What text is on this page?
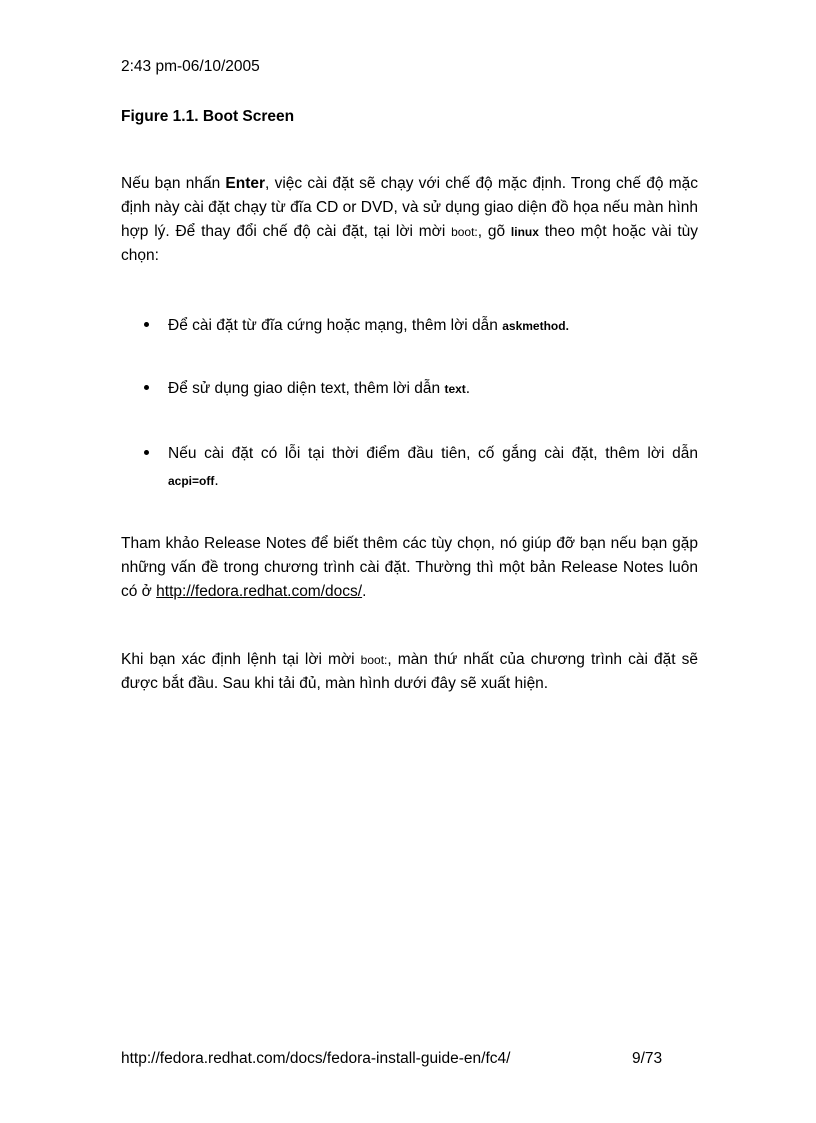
2:43 pm-06/10/2005
Figure 1.1. Boot Screen
Nếu bạn nhấn Enter, việc cài đặt sẽ chạy với chế độ mặc định. Trong chế độ mặc định này cài đặt chạy từ đĩa CD or DVD, và sử dụng giao diện đồ họa nếu màn hình hợp lý. Để thay đổi chế độ cài đặt, tại lời mời boot:, gõ linux theo một hoặc vài tùy chọn:
Để cài đặt từ đĩa cứng hoặc mạng, thêm lời dẫn askmethod.
Để sử dụng giao diện text, thêm lời dẫn text.
Nếu cài đặt có lỗi tại thời điểm đầu tiên, cố gắng cài đặt, thêm lời dẫn acpi=off.
Tham khảo Release Notes để biết thêm các tùy chọn, nó giúp đỡ bạn nếu bạn gặp những vấn đề trong chương trình cài đặt. Thường thì một bản Release Notes luôn có ở http://fedora.redhat.com/docs/.
Khi bạn xác định lệnh tại lời mời boot:, màn thứ nhất của chương trình cài đặt sẽ được bắt đầu. Sau khi tải đủ, màn hình dưới đây sẽ xuất hiện.
http://fedora.redhat.com/docs/fedora-install-guide-en/fc4/	9/73
